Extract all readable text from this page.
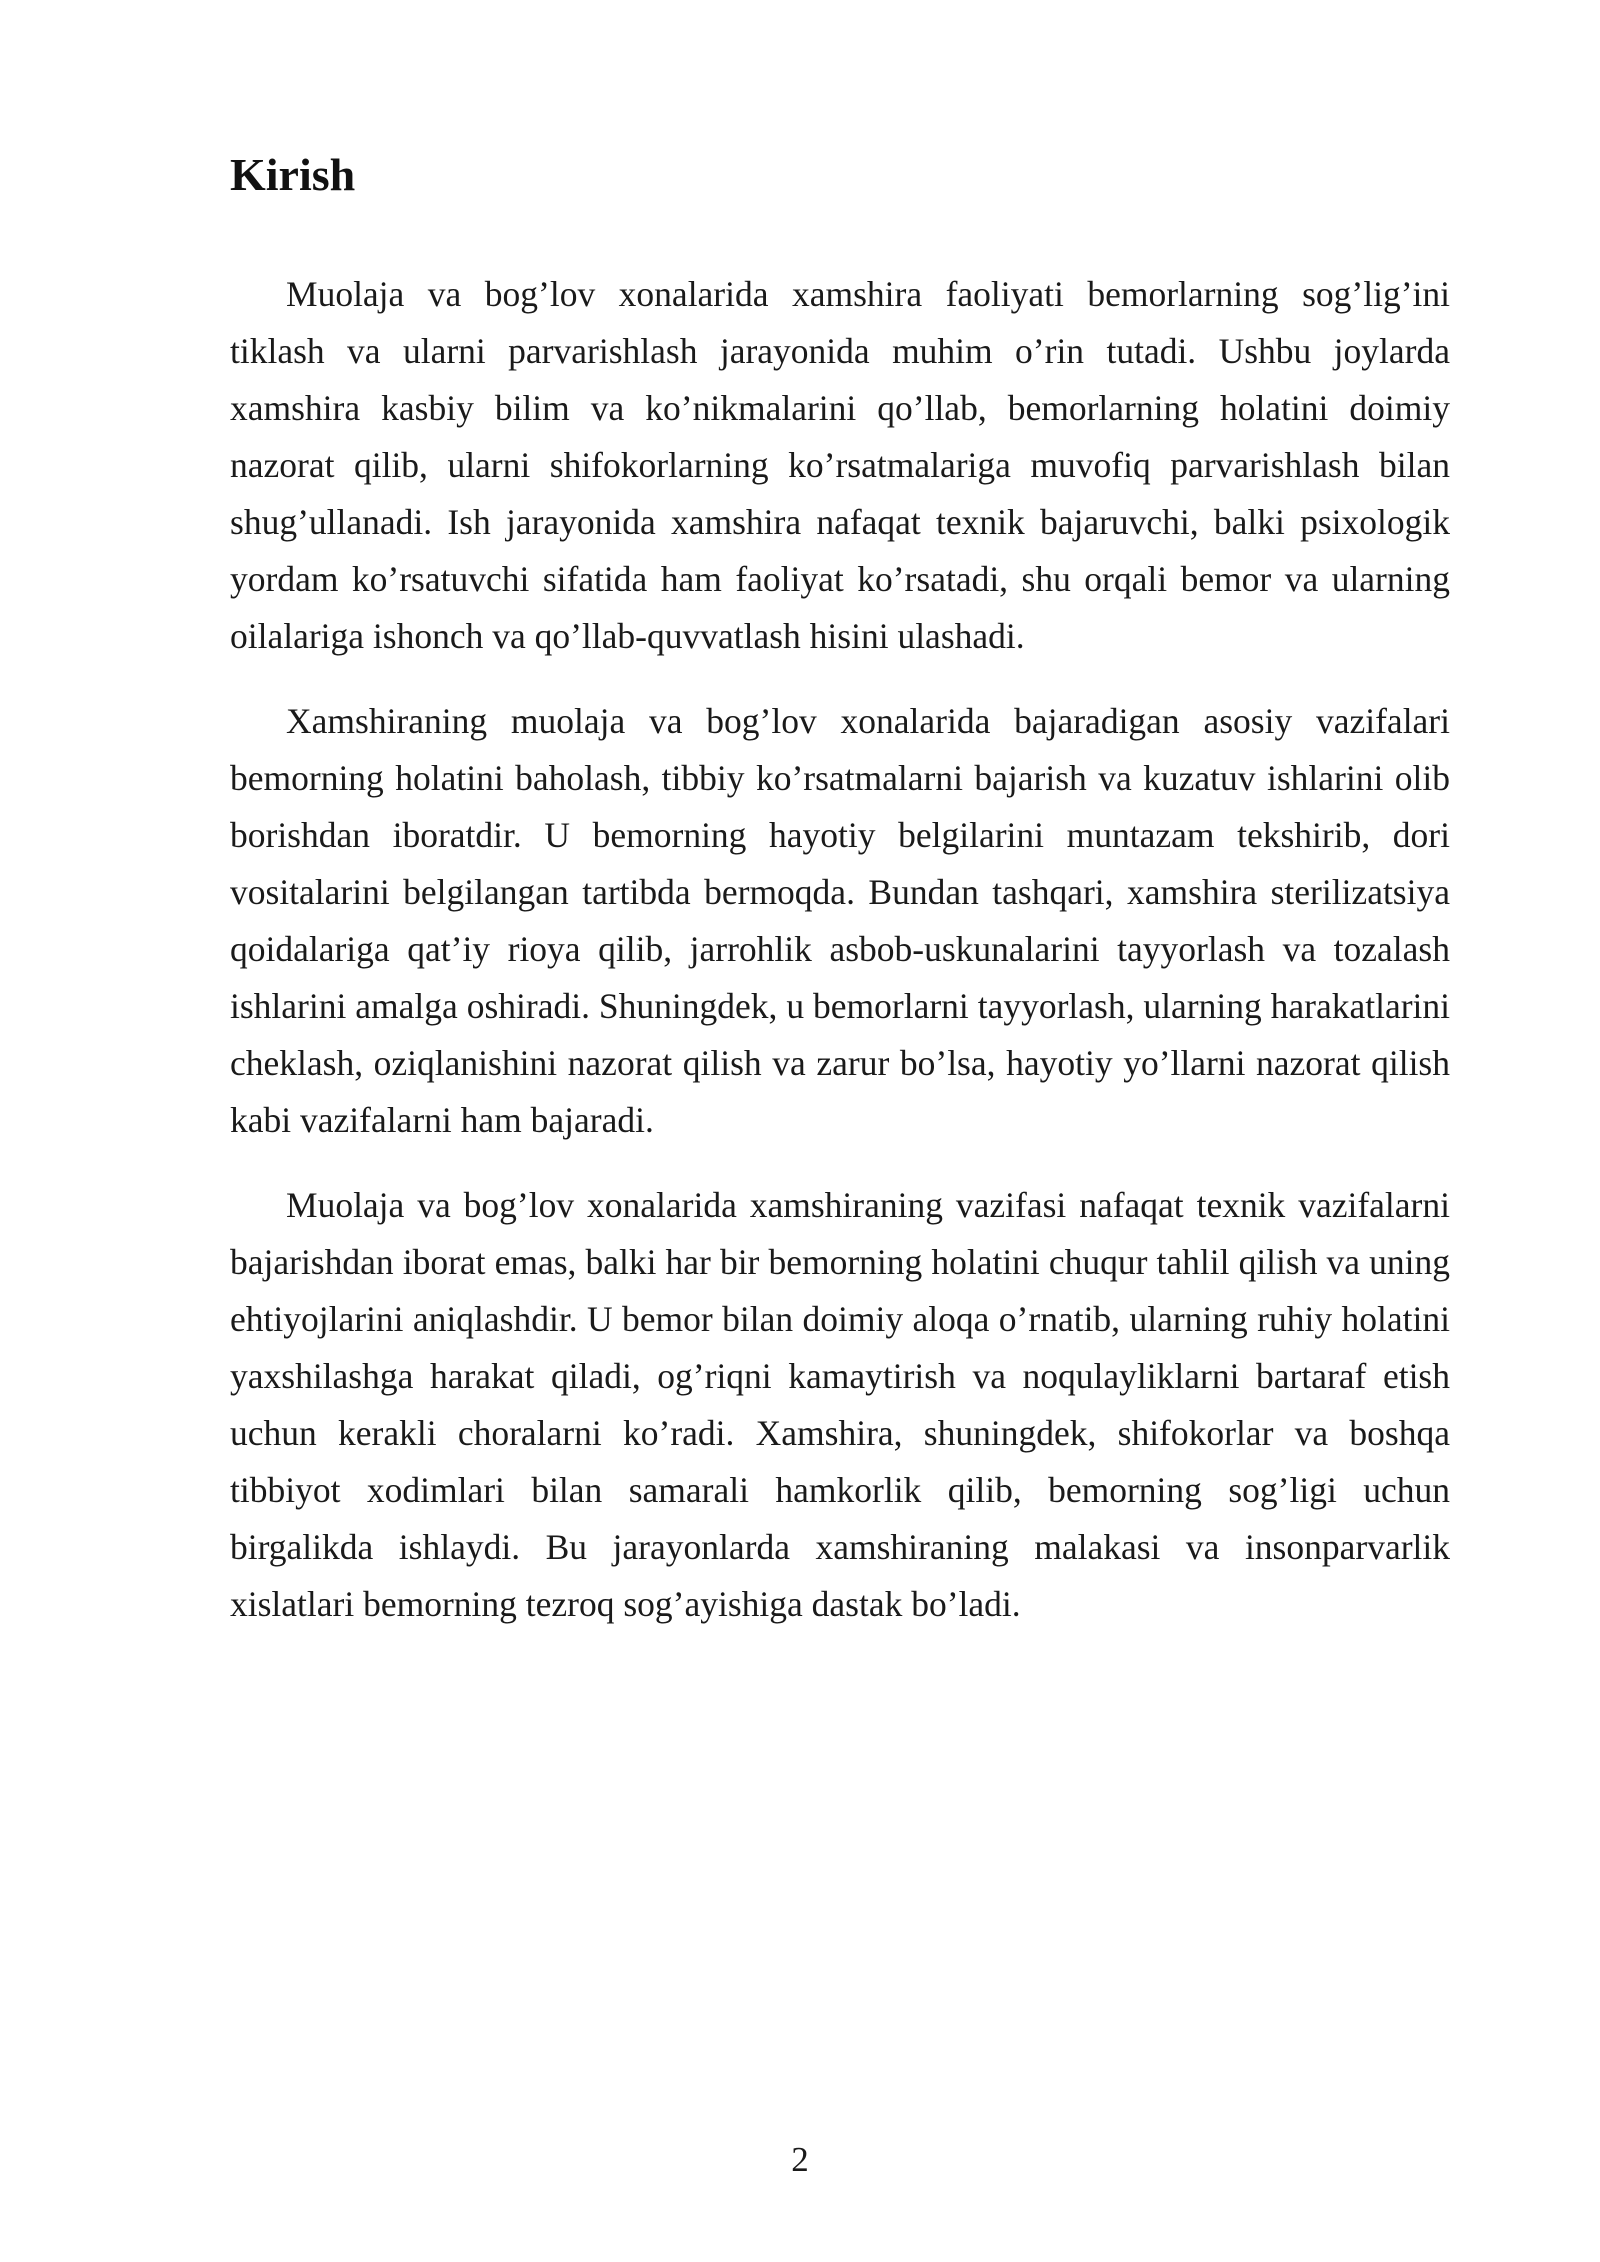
Kirish

Muolaja va bog’lov xonalarida xamshira faoliyati bemorlarning sog’lig’ini tiklash va ularni parvarishlash jarayonida muhim o’rin tutadi. Ushbu joylarda xamshira kasbiy bilim va ko’nikmalarini qo’llab, bemorlarning holatini doimiy nazorat qilib, ularni shifokorlarning ko’rsatmalariga muvofiq parvarishlash bilan shug’ullanadi. Ish jarayonida xamshira nafaqat texnik bajaruvchi, balki psixologik yordam ko’rsatuvchi sifatida ham faoliyat ko’rsatadi, shu orqali bemor va ularning oilalariga ishonch va qo’llab-quvvatlash hisini ulashadi.

Xamshiraning muolaja va bog’lov xonalarida bajaradigan asosiy vazifalari bemorning holatini baholash, tibbiy ko’rsatmalarni bajarish va kuzatuv ishlarini olib borishdan iboratdir. U bemorning hayotiy belgilarini muntazam tekshirib, dori vositalarini belgilangan tartibda bermoqda. Bundan tashqari, xamshira sterilizatsiya qoidalariga qat’iy rioya qilib, jarrohlik asbob-uskunalarini tayyorlash va tozalash ishlarini amalga oshiradi. Shuningdek, u bemorlarni tayyorlash, ularning harakatlarini cheklash, oziqlanishini nazorat qilish va zarur bo’lsa, hayotiy yo’llarni nazorat qilish kabi vazifalarni ham bajaradi.

Muolaja va bog’lov xonalarida xamshiraning vazifasi nafaqat texnik vazifalarni bajarishdan iborat emas, balki har bir bemorning holatini chuqur tahlil qilish va uning ehtiyojlarini aniqlashdir. U bemor bilan doimiy aloqa o’rnatib, ularning ruhiy holatini yaxshilashga harakat qiladi, og’riqni kamaytirish va noqulayliklarni bartaraf etish uchun kerakli choralarni ko’radi. Xamshira, shuningdek, shifokorlar va boshqa tibbiyot xodimlari bilan samarali hamkorlik qilib, bemorning sog’ligi uchun birgalikda ishlaydi. Bu jarayonlarda xamshiraning malakasi va insonparvarlik xislatlari bemorning tezroq sog’ayishiga dastak bo’ladi.

2
